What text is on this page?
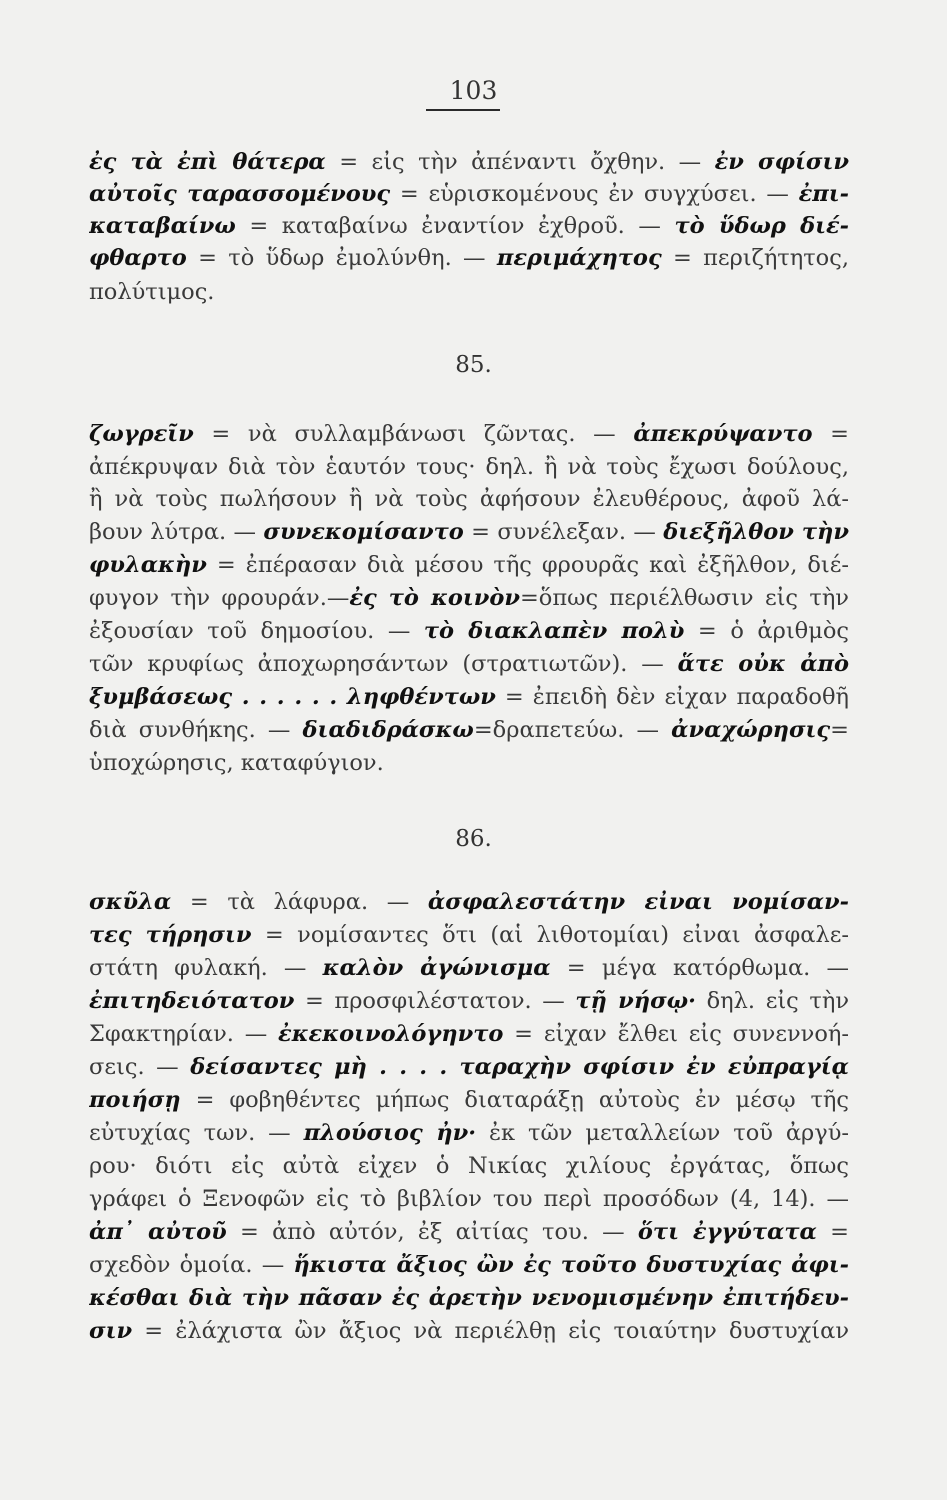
103
85.
86.
ἐς τὰ ἐπὶ θάτερα = εἰς τὴν ἀπέναντι ὄχθην. — ἐν σφίσιν
αὐτοῖς ταρασσομένους = εὑρισκομένους ἐν συγχύσει. — ἐπι-
καταβαίνω = καταβαίνω ἐναντίον ἐχθροῦ. — τὸ ὕδωρ διέ-
φθαρτο = τὸ ὕδωρ ἐμολύνθη. — περιμάχητος = περιζήτητος,
πολύτιμος.
ζωγρεῖν = νὰ συλλαμβάνωσι ζῶντας. — ἀπεκρύψαντο =
ἀπέκρυψαν διὰ τὸν ἑαυτόν τους· δηλ. ἢ νὰ τοὺς ἔχωσι δούλους,
ἢ νὰ τοὺς πωλήσουν ἢ νὰ τοὺς ἀφήσουν ἐλευθέρους, ἀφοῦ λά-
βουν λύτρα. — συνεκομίσαντο = συνέλεξαν. — διεξῆλθον τὴν
φυλακὴν = ἐπέρασαν διὰ μέσου τῆς φρουρᾶς καὶ ἐξῆλθον, διέ-
φυγον τὴν φρουράν.—ἐς τὸ κοινὸν=ὅπως περιέλθωσιν εἰς τὴν
ἐξουσίαν τοῦ δημοσίου. — τὸ διακλαπὲν πολὺ = ὁ ἀριθμὸς
τῶν κρυφίως ἀποχωρησάντων (στρατιωτῶν). — ἅτε οὐκ ἀπὸ
ξυμβάσεως . . . . . . ληφθέντων = ἐπειδὴ δὲν εἶχαν παραδοθῆ
διὰ συνθήκης. — διαδιδράσκω=δραπετεύω. — ἀναχώρησις=
ὑποχώρησις, καταφύγιον.
σκῦλα = τὰ λάφυρα. — ἀσφαλεστάτην εἶναι νομίσαν-
τες τήρησιν = νομίσαντες ὅτι (αἱ λιθοτομίαι) εἶναι ἀσφαλε-
στάτη φυλακή. — καλὸν ἀγώνισμα = μέγα κατόρθωμα. —
ἐπιτηδειότατον = προσφιλέστατον. — τῇ νήσῳ· δηλ. εἰς τὴν
Σφακτηρίαν. — ἐκεκοινολόγηντο = εἶχαν ἔλθει εἰς συνεννοή-
σεις. — δείσαντες μὴ . . . . ταραχὴν σφίσιν ἐν εὐπραγίᾳ
ποιήσῃ = φοβηθέντες μήπως διαταράξῃ αὐτοὺς ἐν μέσῳ τῆς
εὐτυχίας των. — πλούσιος ἦν· ἐκ τῶν μεταλλείων τοῦ ἀργύ-
ρου· διότι εἰς αὐτὰ εἶχεν ὁ Νικίας χιλίους ἐργάτας, ὅπως
γράφει ὁ Ξενοφῶν εἰς τὸ βιβλίον του περὶ προσόδων (4, 14). —
ἀπ᾿ αὐτοῦ = ἀπὸ αὐτόν, ἐξ αἰτίας του. — ὅτι ἐγγύτατα =
σχεδὸν ὁμοία. — ἥκιστα ἄξιος ὢν ἐς τοῦτο δυστυχίας ἀφι-
κέσθαι διὰ τὴν πᾶσαν ἐς ἀρετὴν νενομισμένην ἐπιτήδευ-
σιν = ἐλάχιστα ὢν ἄξιος νὰ περιέλθῃ εἰς τοιαύτην δυστυχίαν
